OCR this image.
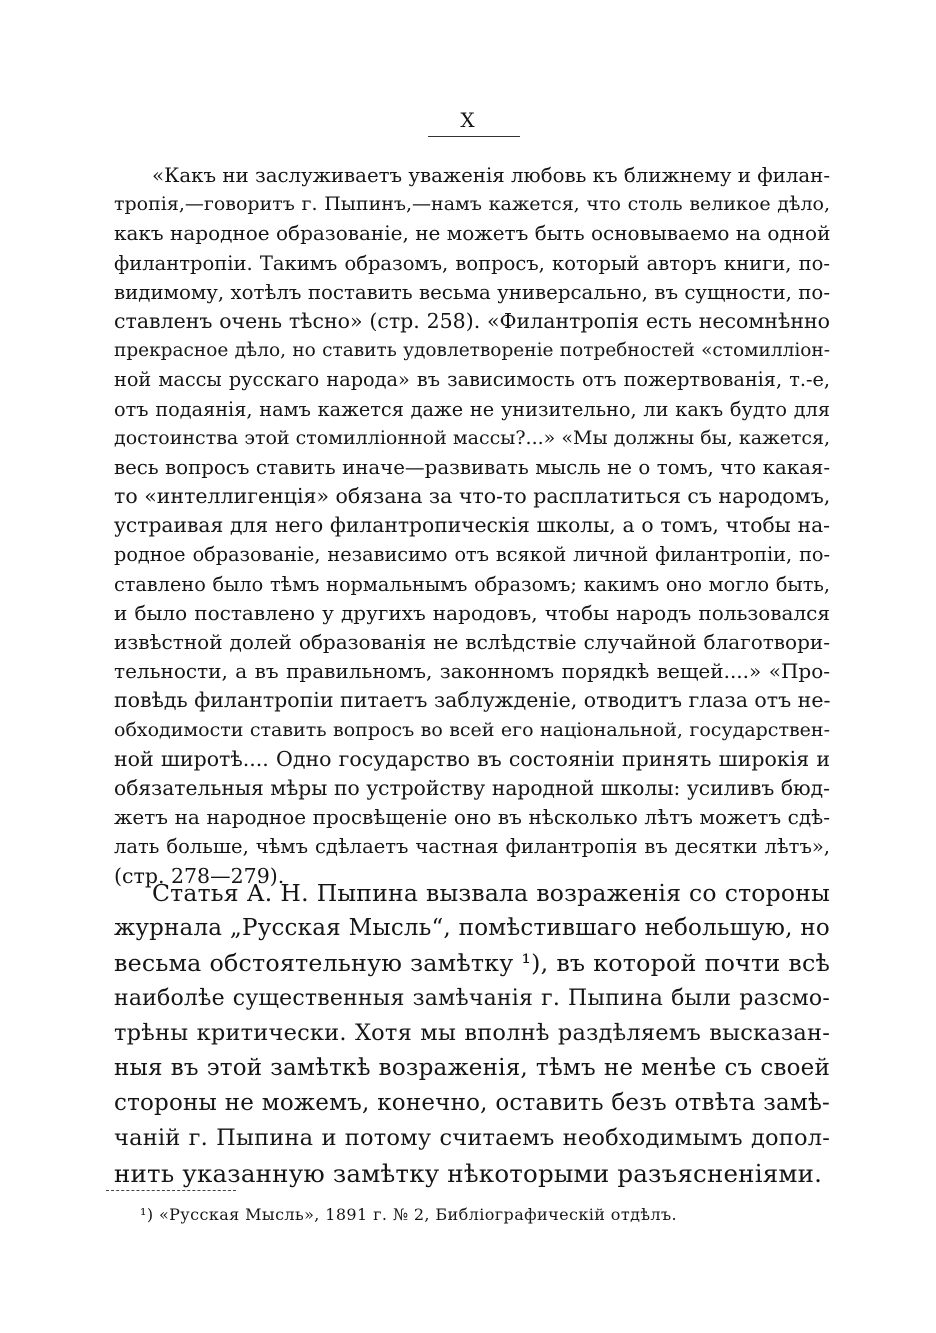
X
«Какъ ни заслуживаетъ уваженія любовь къ ближнему и филан-
тропія,—говоритъ г. Пыпинъ,—намъ кажется, что столь великое дѣло,
какъ народное образованіе, не можетъ быть основываемо на одной
филантропіи. Такимъ образомъ, вопросъ, который авторъ книги, по-
видимому, хотѣлъ поставить весьма универсально, въ сущности, по-
ставленъ очень тѣсно» (стр. 258). «Филантропія есть несомнѣнно
прекрасное дѣло, но ставить удовлетвореніе потребностей «стомилліон-
ной массы русскаго народа» въ зависимость отъ пожертвованія, т.-е,
отъ подаянія, намъ кажется даже не унизительно, ли какъ будто для
достоинства этой стомилліонной массы?...» «Мы должны бы, кажется,
весь вопросъ ставить иначе—развивать мысль не о томъ, что какая-
то «интеллигенція» обязана за что-то расплатиться съ народомъ,
устраивая для него филантропическія школы, а о томъ, чтобы на-
родное образованіе, независимо отъ всякой личной филантропіи, по-
ставлено было тѣмъ нормальнымъ образомъ; какимъ оно могло быть,
и было поставлено у другихъ народовъ, чтобы народъ пользовался
извѣстной долей образованія не вслѣдствіе случайной благотвори-
тельности, а въ правильномъ, законномъ порядкѣ вещей....» «Про-
повѣдь филантропіи питаетъ заблужденіе, отводитъ глаза отъ не-
обходимости ставить вопросъ во всей его національной, государствен-
ной широтѣ.... Одно государство въ состояніи принять широкія и
обязательныя мѣры по устройству народной школы: усиливъ бюд-
жетъ на народное просвѣщеніе оно въ нѣсколько лѣтъ можетъ сдѣ-
лать больше, чѣмъ сдѣлаетъ частная филантропія въ десятки лѣтъ»,
(стр. 278—279).
Статья А. Н. Пыпина вызвала возраженія со стороны
журнала „Русская Мысль“, помѣстившаго небольшую, но
весьма обстоятельную замѣтку ¹), въ которой почти всѣ
наиболѣе существенныя замѣчанія г. Пыпина были разсмо-
трѣны критически. Хотя мы вполнѣ раздѣляемъ высказан-
ныя въ этой замѣткѣ возраженія, тѣмъ не менѣе съ своей
стороны не можемъ, конечно, оставить безъ отвѣта замѣ-
чаній г. Пыпина и потому считаемъ необходимымъ допол-
нить указанную замѣтку нѣкоторыми разъясненіями.
¹) «Русская Мысль», 1891 г. № 2, Библіографическій отдѣлъ.
